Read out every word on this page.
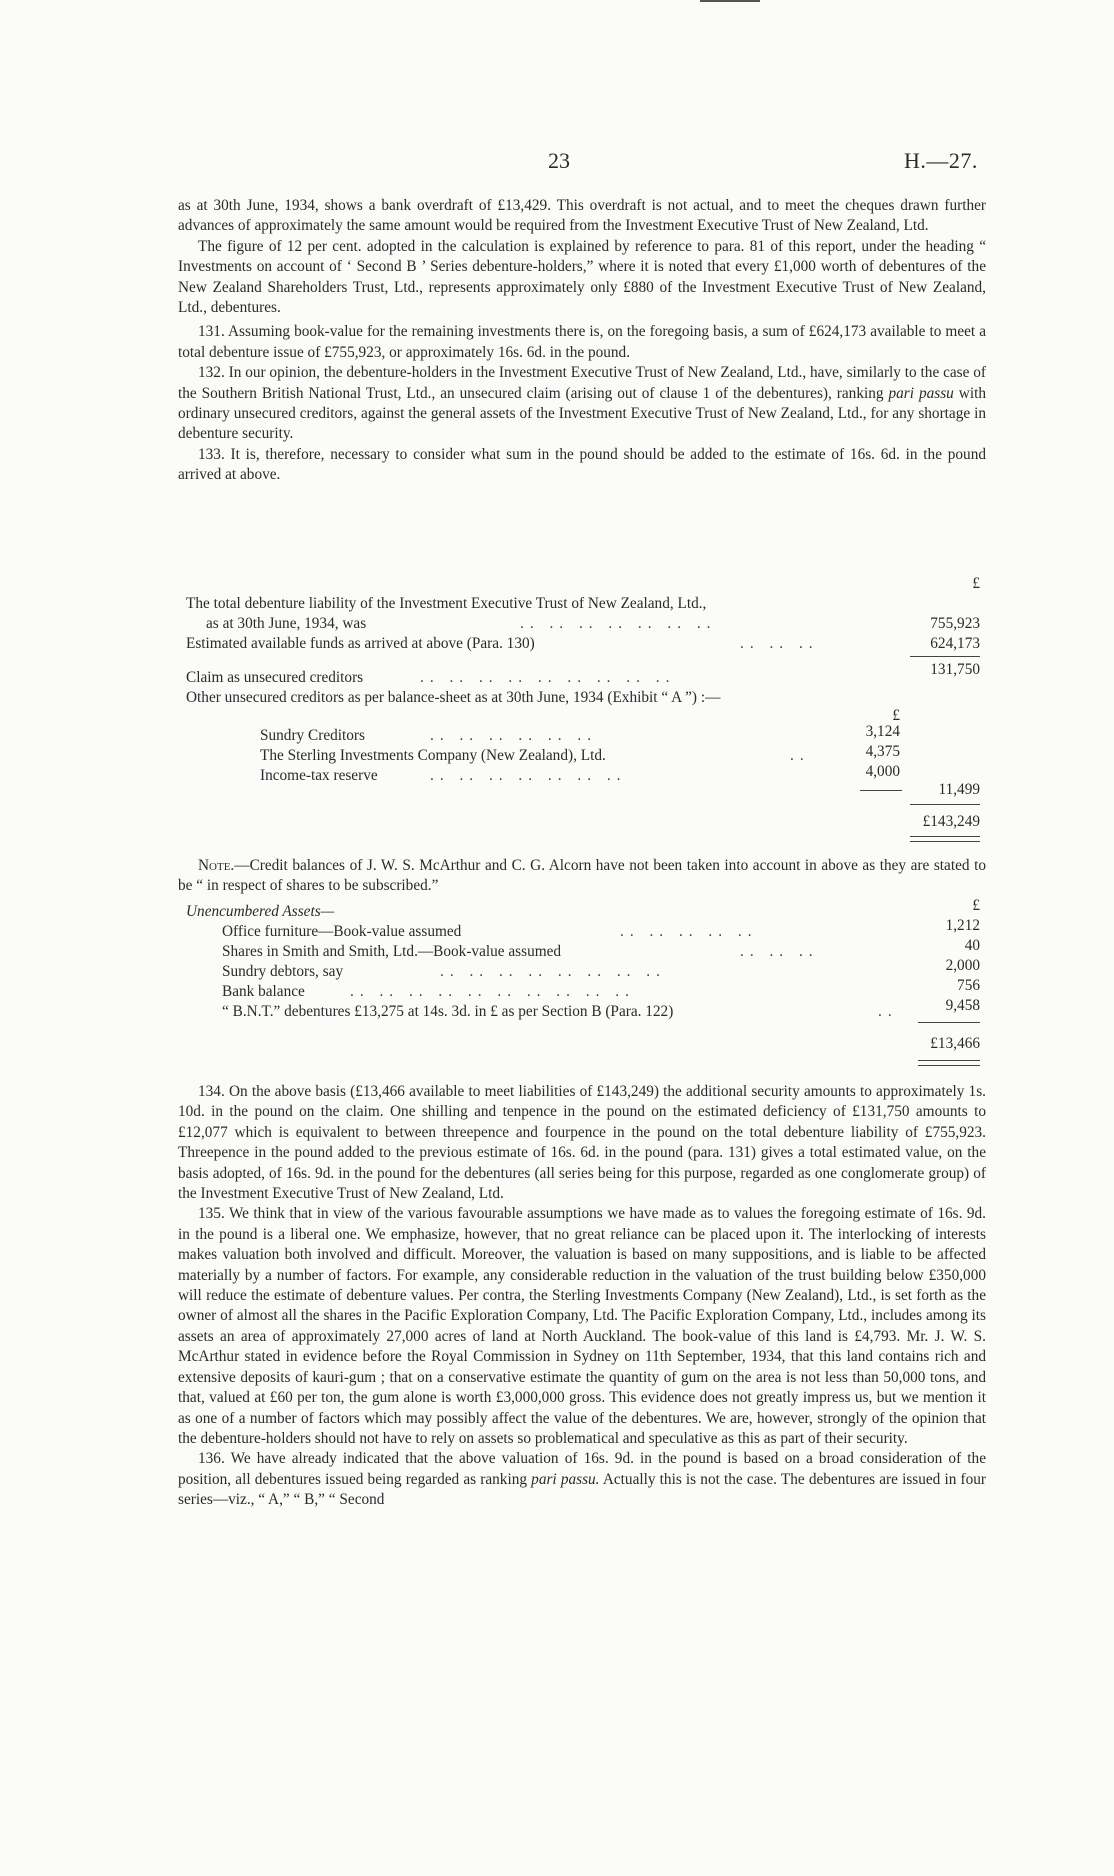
23	H.—27.

as at 30th June, 1934, shows a bank overdraft of £13,429. This overdraft is not actual, and to meet the cheques drawn further advances of approximately the same amount would be required from the Investment Executive Trust of New Zealand, Ltd.

The figure of 12 per cent. adopted in the calculation is explained by reference to para. 81 of this report, under the heading “ Investments on account of ‘ Second B ’ Series debenture-holders,” where it is noted that every £1,000 worth of debentures of the New Zealand Shareholders Trust, Ltd., represents approximately only £880 of the Investment Executive Trust of New Zealand, Ltd., debentures.

131. Assuming book-value for the remaining investments there is, on the foregoing basis, a sum of £624,173 available to meet a total debenture issue of £755,923, or approximately 16s. 6d. in the pound.

132. In our opinion, the debenture-holders in the Investment Executive Trust of New Zealand, Ltd., have, similarly to the case of the Southern British National Trust, Ltd., an unsecured claim (arising out of clause 1 of the debentures), ranking pari passu with ordinary unsecured creditors, against the general assets of the Investment Executive Trust of New Zealand, Ltd., for any shortage in debenture security.

133. It is, therefore, necessary to consider what sum in the pound should be added to the estimate of 16s. 6d. in the pound arrived at above.

£
The total debenture liability of the Investment Executive Trust of New Zealand, Ltd.,
as at 30th June, 1934, was	.. .. .. .. .. .. ..	755,923
Estimated available funds as arrived at above (Para. 130)	.. .. ..	624,173
Claim as unsecured creditors	.. .. .. .. .. .. .. .. ..	131,750
Other unsecured creditors as per balance-sheet as at 30th June, 1934 (Exhibit “ A ”) :—
£
Sundry Creditors	.. .. .. .. .. ..	3,124
The Sterling Investments Company (New Zealand), Ltd.	..	4,375
Income-tax reserve	.. .. .. .. .. .. ..	4,000
11,499
£143,249
Note.—Credit balances of J. W. S. McArthur and C. G. Alcorn have not been taken into account in above as they are stated to be “ in respect of shares to be subscribed.”
Unencumbered Assets—	£
Office furniture—Book-value assumed	.. .. .. .. ..	1,212
Shares in Smith and Smith, Ltd.—Book-value assumed	.. .. ..	40
Sundry debtors, say	.. .. .. .. .. .. .. ..	2,000
Bank balance	.. .. .. .. .. .. .. .. .. ..	756
“ B.N.T.” debentures £13,275 at 14s. 3d. in £ as per Section B (Para. 122)	..	9,458
£13,466

134. On the above basis (£13,466 available to meet liabilities of £143,249) the additional security amounts to approximately 1s. 10d. in the pound on the claim. One shilling and tenpence in the pound on the estimated deficiency of £131,750 amounts to £12,077 which is equivalent to between threepence and fourpence in the pound on the total debenture liability of £755,923. Threepence in the pound added to the previous estimate of 16s. 6d. in the pound (para. 131) gives a total estimated value, on the basis adopted, of 16s. 9d. in the pound for the debentures (all series being for this purpose, regarded as one conglomerate group) of the Investment Executive Trust of New Zealand, Ltd.

135. We think that in view of the various favourable assumptions we have made as to values the foregoing estimate of 16s. 9d. in the pound is a liberal one. We emphasize, however, that no great reliance can be placed upon it. The interlocking of interests makes valuation both involved and difficult. Moreover, the valuation is based on many suppositions, and is liable to be affected materially by a number of factors. For example, any considerable reduction in the valuation of the trust building below £350,000 will reduce the estimate of debenture values. Per contra, the Sterling Investments Company (New Zealand), Ltd., is set forth as the owner of almost all the shares in the Pacific Exploration Company, Ltd. The Pacific Exploration Company, Ltd., includes among its assets an area of approximately 27,000 acres of land at North Auckland. The book-value of this land is £4,793. Mr. J. W. S. McArthur stated in evidence before the Royal Commission in Sydney on 11th September, 1934, that this land contains rich and extensive deposits of kauri-gum ; that on a conservative estimate the quantity of gum on the area is not less than 50,000 tons, and that, valued at £60 per ton, the gum alone is worth £3,000,000 gross. This evidence does not greatly impress us, but we mention it as one of a number of factors which may possibly affect the value of the debentures. We are, however, strongly of the opinion that the debenture-holders should not have to rely on assets so problematical and speculative as this as part of their security.

136. We have already indicated that the above valuation of 16s. 9d. in the pound is based on a broad consideration of the position, all debentures issued being regarded as ranking pari passu. Actually this is not the case. The debentures are issued in four series—viz., “ A,” “ B,” “ Second
